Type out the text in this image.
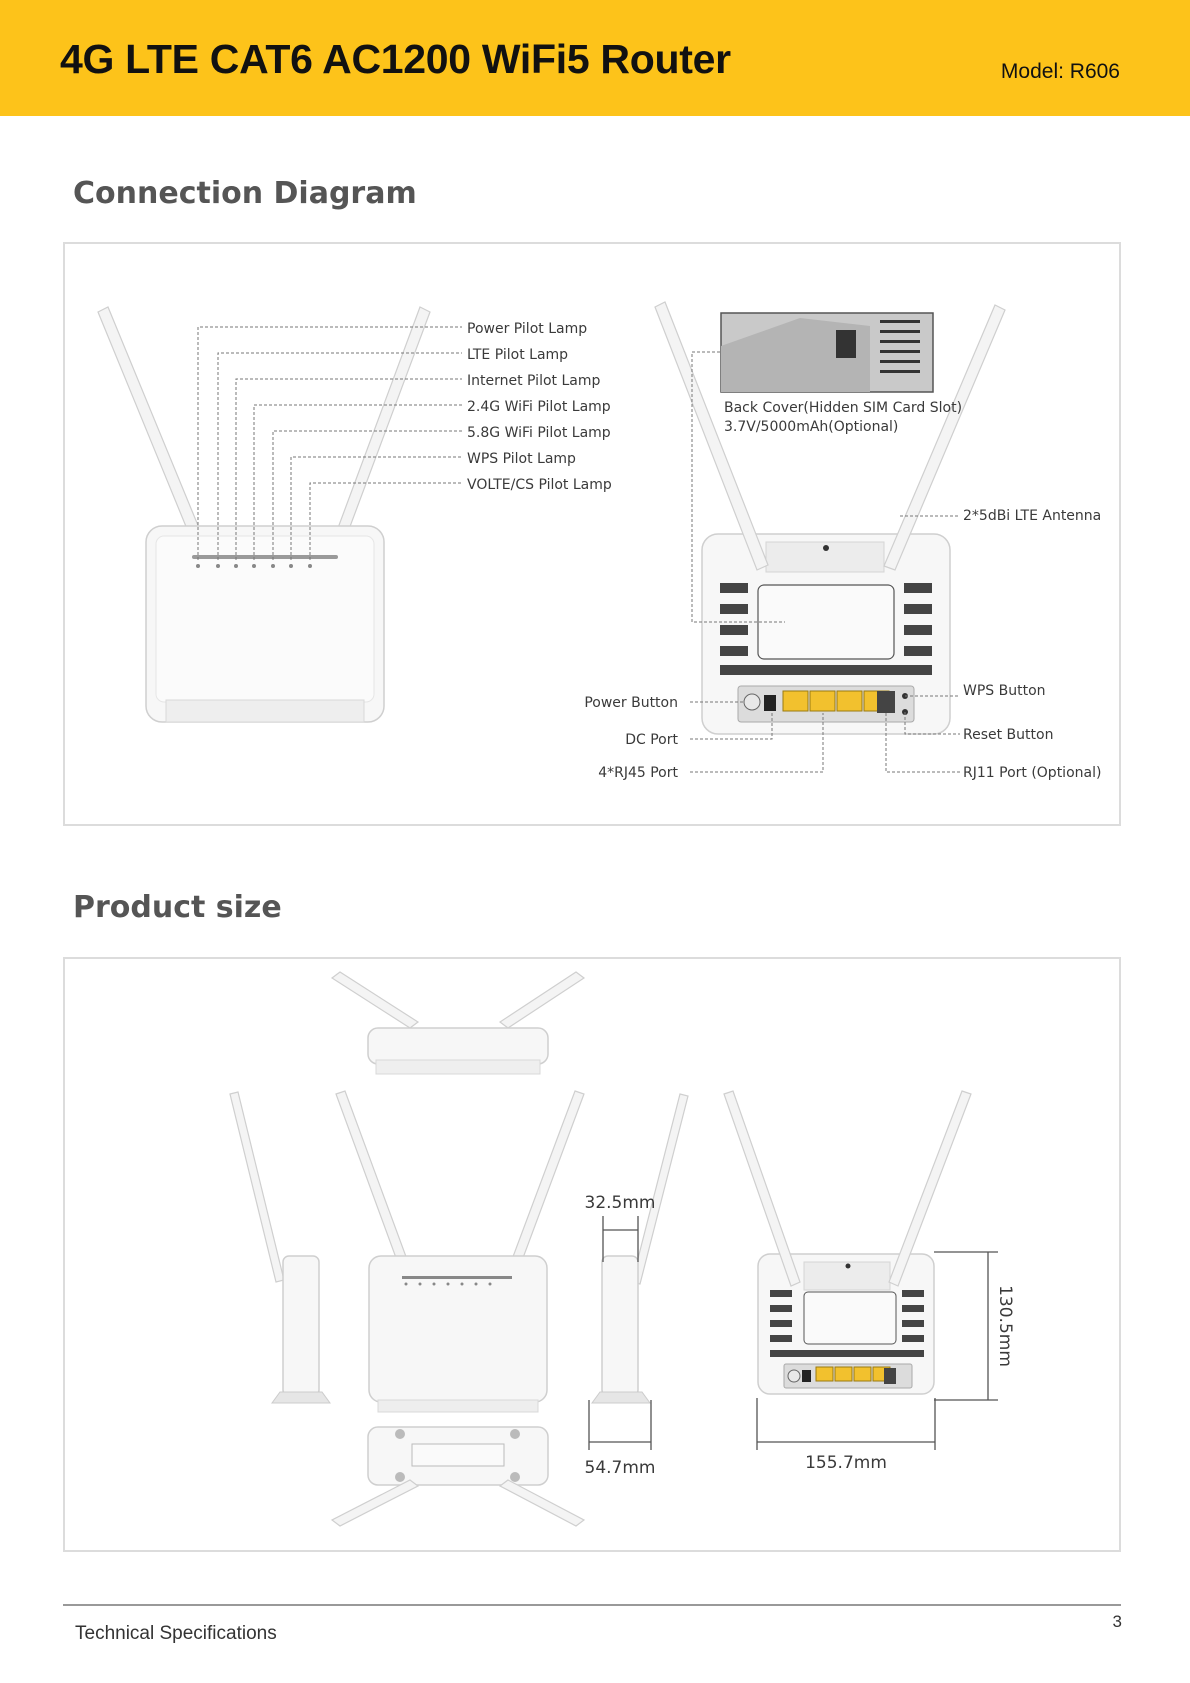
4G LTE CAT6 AC1200 WiFi5 Router	Model: R606
Connection Diagram
Power Pilot Lamp
LTE Pilot Lamp
Internet Pilot Lamp
2.4G WiFi Pilot Lamp
5.8G WiFi Pilot Lamp
WPS Pilot Lamp
VOLTE/CS Pilot Lamp
Back Cover(Hidden SIM Card Slot)
3.7V/5000mAh(Optional)
2*5dBi LTE Antenna
Power Button
DC Port
4*RJ45 Port
WPS Button
Reset Button
RJ11 Port (Optional)
Product size
32.5mm
54.7mm	155.7mm
130.5mm
Technical Specifications
3
